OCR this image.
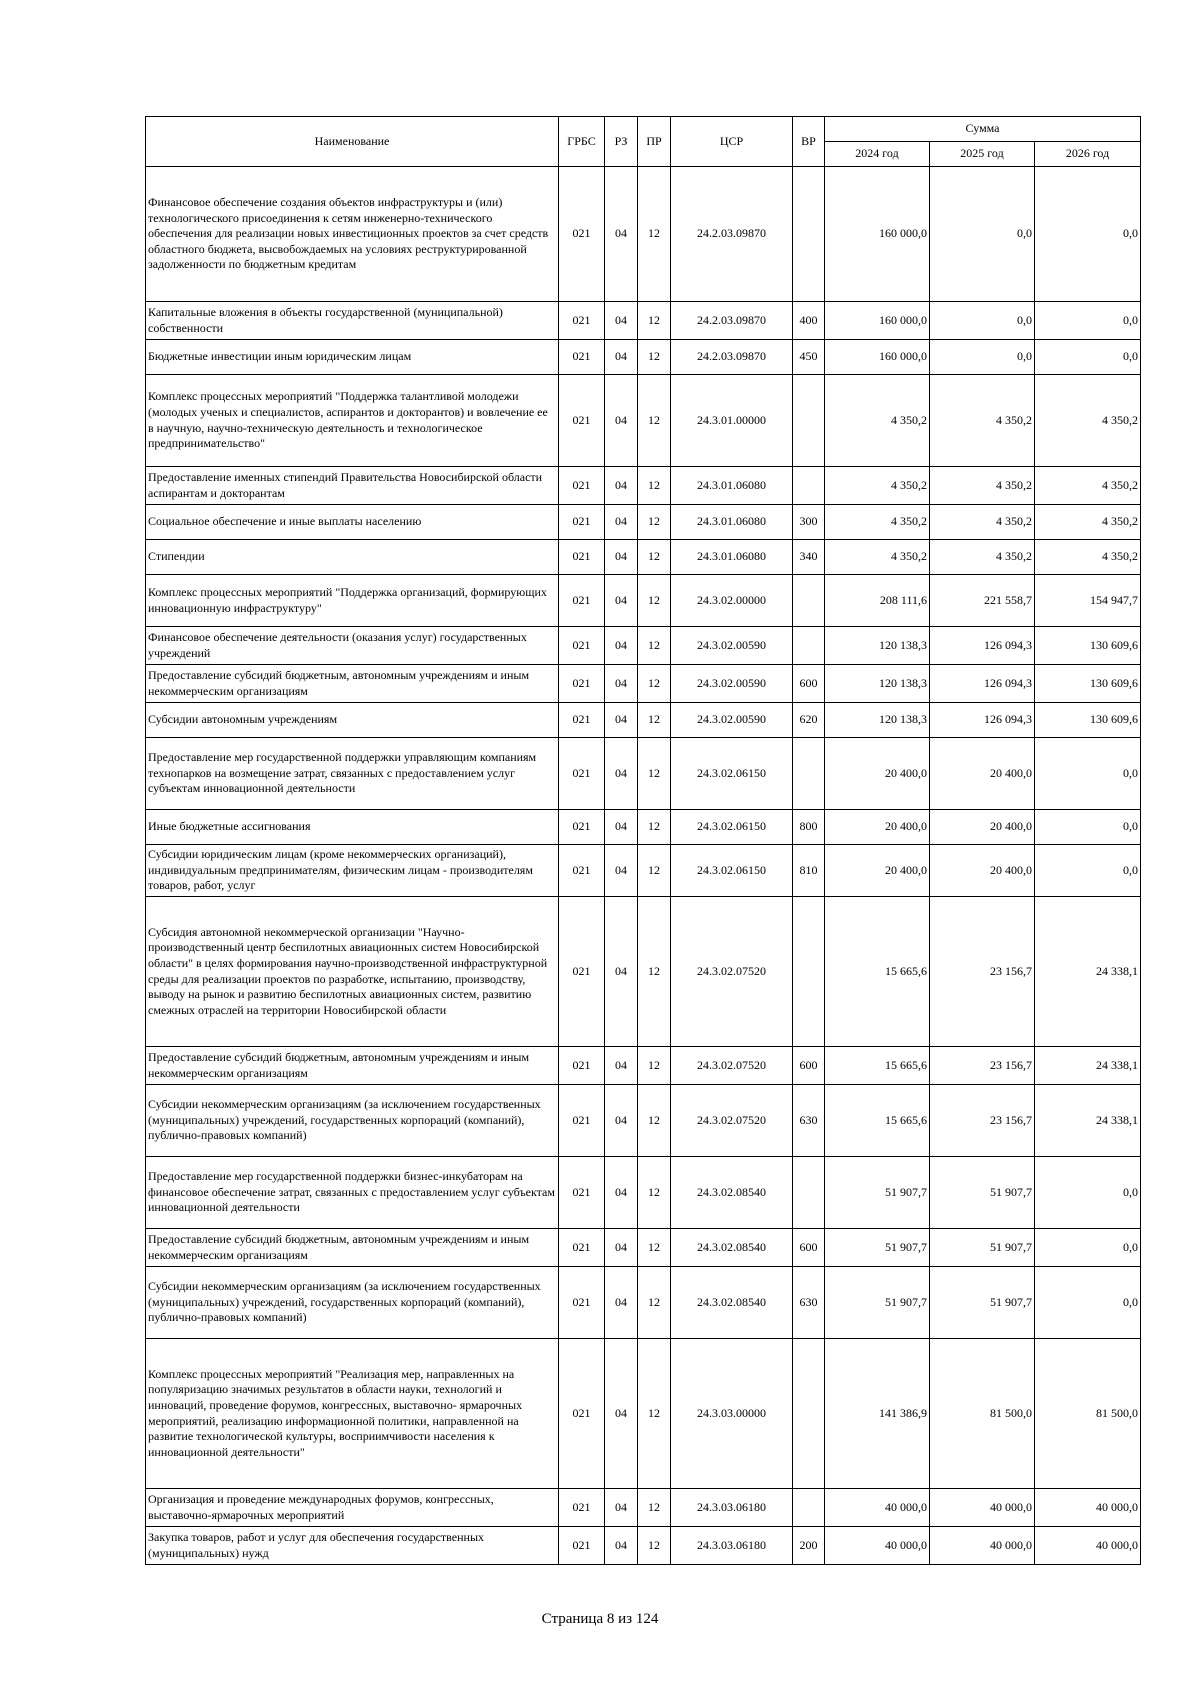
Наименование	ГРБС	РЗ	ПР	ЦСР	ВР	Сумма		
						2024 год	2025 год	2026 год
Финансовое обеспечение создания объектов инфраструктуры и (или) технологического присоединения к сетям инженерно-технического обеспечения для реализации новых инвестиционных проектов за счет средств областного бюджета, высвобождаемых на условиях реструктурированной задолженности по бюджетным кредитам	021	04	12	24.2.03.09870		160 000,0	0,0	0,0
Капитальные вложения в объекты государственной (муниципальной) собственности	021	04	12	24.2.03.09870	400	160 000,0	0,0	0,0
Бюджетные инвестиции иным юридическим лицам	021	04	12	24.2.03.09870	450	160 000,0	0,0	0,0
Комплекс процессных мероприятий "Поддержка талантливой молодежи (молодых ученых и специалистов, аспирантов и докторантов) и вовлечение ее в научную, научно-техническую деятельность и технологическое предпринимательство"	021	04	12	24.3.01.00000		4 350,2	4 350,2	4 350,2
Предоставление именных стипендий Правительства Новосибирской области аспирантам и докторантам	021	04	12	24.3.01.06080		4 350,2	4 350,2	4 350,2
Социальное обеспечение и иные выплаты населению	021	04	12	24.3.01.06080	300	4 350,2	4 350,2	4 350,2
Стипендии	021	04	12	24.3.01.06080	340	4 350,2	4 350,2	4 350,2
Комплекс процессных мероприятий "Поддержка организаций, формирующих инновационную инфраструктуру"	021	04	12	24.3.02.00000		208 111,6	221 558,7	154 947,7
Финансовое обеспечение деятельности (оказания услуг) государственных учреждений	021	04	12	24.3.02.00590		120 138,3	126 094,3	130 609,6
Предоставление субсидий бюджетным, автономным учреждениям и иным некоммерческим организациям	021	04	12	24.3.02.00590	600	120 138,3	126 094,3	130 609,6
Субсидии автономным учреждениям	021	04	12	24.3.02.00590	620	120 138,3	126 094,3	130 609,6
Предоставление мер государственной поддержки управляющим компаниям технопарков на возмещение затрат, связанных с предоставлением услуг субъектам инновационной деятельности	021	04	12	24.3.02.06150		20 400,0	20 400,0	0,0
Иные бюджетные ассигнования	021	04	12	24.3.02.06150	800	20 400,0	20 400,0	0,0
Субсидии юридическим лицам (кроме некоммерческих организаций), индивидуальным предпринимателям, физическим лицам - производителям товаров, работ, услуг	021	04	12	24.3.02.06150	810	20 400,0	20 400,0	0,0
Субсидия автономной некоммерческой организации "Научно-производственный центр беспилотных авиационных систем Новосибирской области" в целях формирования научно-производственной инфраструктурной среды для реализации проектов по разработке, испытанию, производству, выводу на рынок и развитию беспилотных авиационных систем, развитию смежных отраслей на территории Новосибирской области	021	04	12	24.3.02.07520		15 665,6	23 156,7	24 338,1
Предоставление субсидий бюджетным, автономным учреждениям и иным некоммерческим организациям	021	04	12	24.3.02.07520	600	15 665,6	23 156,7	24 338,1
Субсидии некоммерческим организациям (за исключением государственных (муниципальных) учреждений, государственных корпораций (компаний), публично-правовых компаний)	021	04	12	24.3.02.07520	630	15 665,6	23 156,7	24 338,1
Предоставление мер государственной поддержки бизнес-инкубаторам на финансовое обеспечение затрат, связанных с предоставлением услуг субъектам инновационной деятельности	021	04	12	24.3.02.08540		51 907,7	51 907,7	0,0
Предоставление субсидий бюджетным, автономным учреждениям и иным некоммерческим организациям	021	04	12	24.3.02.08540	600	51 907,7	51 907,7	0,0
Субсидии некоммерческим организациям (за исключением государственных (муниципальных) учреждений, государственных корпораций (компаний), публично-правовых компаний)	021	04	12	24.3.02.08540	630	51 907,7	51 907,7	0,0
Комплекс процессных мероприятий "Реализация мер, направленных на популяризацию значимых результатов в области науки, технологий и инноваций, проведение форумов, конгрессных, выставочно- ярмарочных мероприятий, реализацию информационной политики, направленной на развитие технологической культуры, восприимчивости населения к инновационной деятельности"	021	04	12	24.3.03.00000		141 386,9	81 500,0	81 500,0
Организация и проведение международных форумов, конгрессных, выставочно-ярмарочных мероприятий	021	04	12	24.3.03.06180		40 000,0	40 000,0	40 000,0
Закупка товаров, работ и услуг для обеспечения государственных (муниципальных) нужд	021	04	12	24.3.03.06180	200	40 000,0	40 000,0	40 000,0
Страница 8 из 124
